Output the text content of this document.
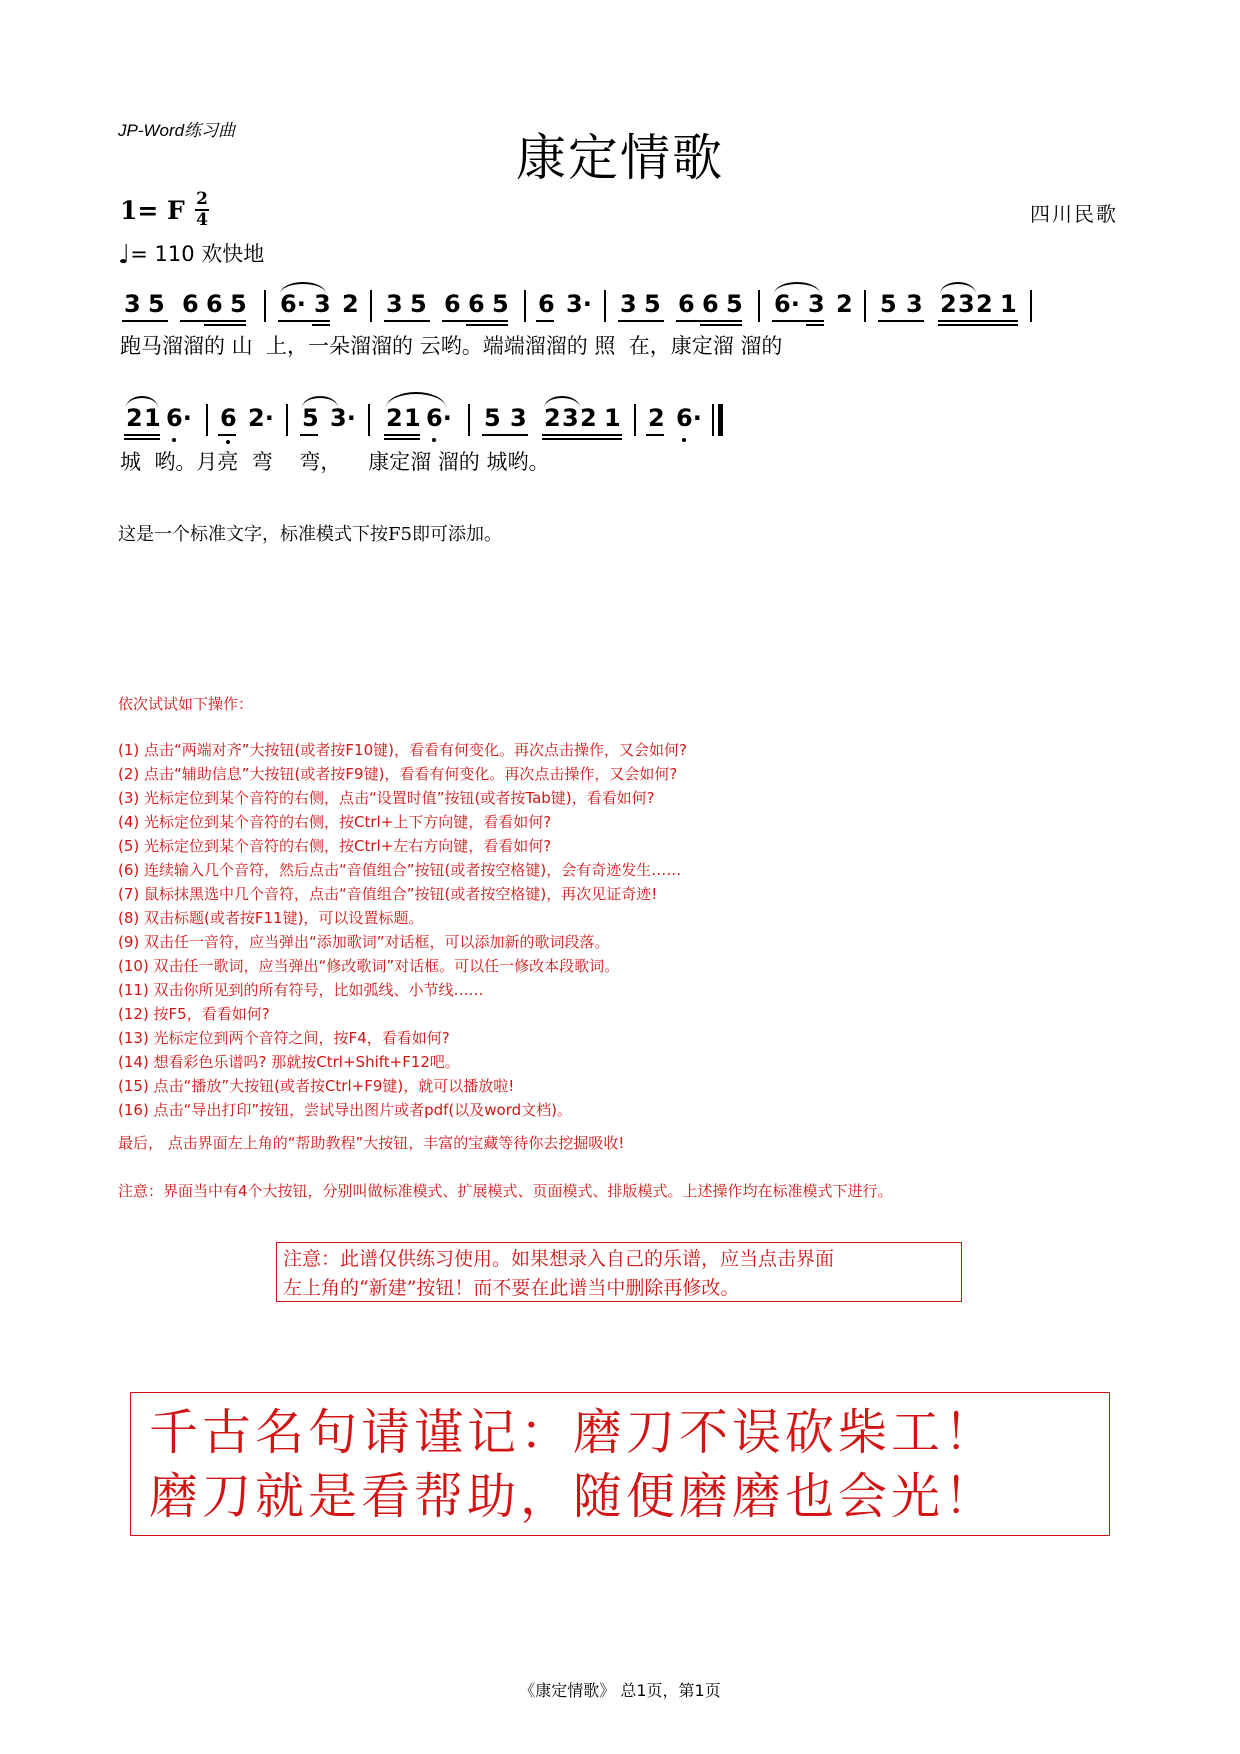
JP-Word练习曲	康定情歌
1= F 2
4
♩= 110 欢快地
四川民歌
3 5 6 6 5 6· 3 2 3 5 6 6 5 6 3· 3 5 6 6 5 6· 3 2 5 3 2 3 2 1
跑马溜溜的 山  上，一朵溜溜的 云哟。端端溜溜的 照  在，康定溜 溜的
2 1 6· 6 2· 5 3· 2 1 6· 5 3 2 3 2 1 2 6·
城  哟。月亮  弯    弯，    康定溜 溜的 城哟。
这是一个标准文字，标准模式下按F5即可添加。
依次试试如下操作：
(1) 点击“两端对齐”大按钮(或者按F10键)，看看有何变化。再次点击操作，又会如何?
(2) 点击“辅助信息”大按钮(或者按F9键)，看看有何变化。再次点击操作，又会如何?
(3) 光标定位到某个音符的右侧，点击“设置时值”按钮(或者按Tab键)，看看如何?
(4) 光标定位到某个音符的右侧，按Ctrl+上下方向键，看看如何?
(5) 光标定位到某个音符的右侧，按Ctrl+左右方向键，看看如何?
(6) 连续输入几个音符，然后点击“音值组合”按钮(或者按空格键)，会有奇迹发生……
(7) 鼠标抹黑选中几个音符，点击“音值组合”按钮(或者按空格键)，再次见证奇迹!
(8) 双击标题(或者按F11键)，可以设置标题。
(9) 双击任一音符，应当弹出“添加歌词”对话框，可以添加新的歌词段落。
(10) 双击任一歌词，应当弹出“修改歌词”对话框。可以任一修改本段歌词。
(11) 双击你所见到的所有符号，比如弧线、小节线……
(12) 按F5，看看如何?
(13) 光标定位到两个音符之间，按F4，看看如何?
(14) 想看彩色乐谱吗? 那就按Ctrl+Shift+F12吧。
(15) 点击“播放”大按钮(或者按Ctrl+F9键)，就可以播放啦!
(16) 点击“导出打印”按钮，尝试导出图片或者pdf(以及word文档)。
最后， 点击界面左上角的“帮助教程”大按钮，丰富的宝藏等待你去挖掘吸收!
注意：界面当中有4个大按钮，分别叫做标准模式、扩展模式、页面模式、排版模式。上述操作均在标准模式下进行。
注意：此谱仅供练习使用。如果想录入自己的乐谱，应当点击界面
左上角的“新建”按钮！而不要在此谱当中删除再修改。
千古名句请谨记：磨刀不误砍柴工！
磨刀就是看帮助，随便磨磨也会光！
《康定情歌》 总1页，第1页
